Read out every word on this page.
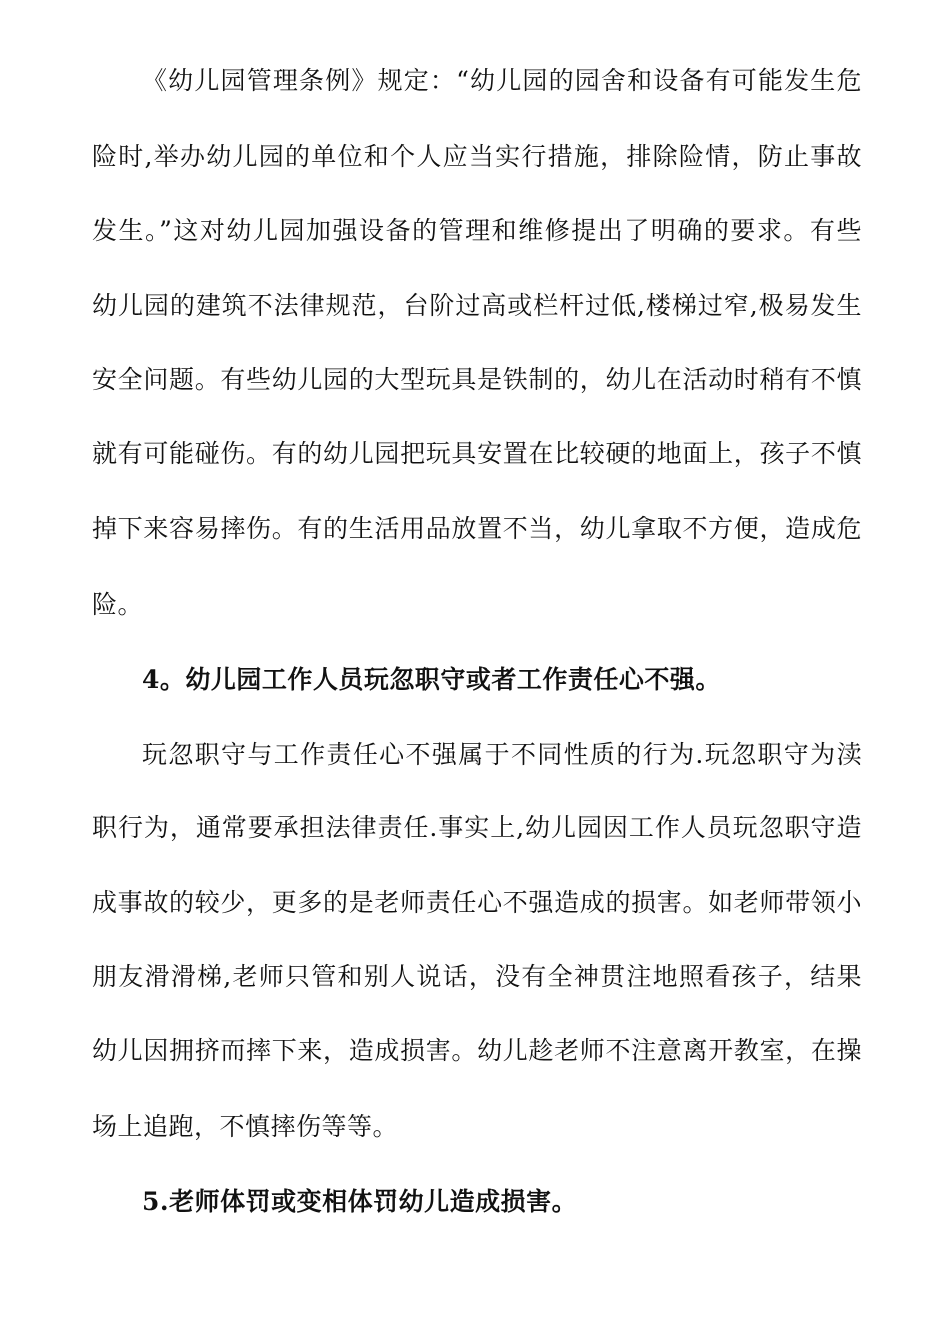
《幼儿园管理条例》规定：“幼儿园的园舍和设备有可能发生危
险时,举办幼儿园的单位和个人应当实行措施，排除险情，防止事故
发生。”这对幼儿园加强设备的管理和维修提出了明确的要求。有些
幼儿园的建筑不法律规范，台阶过高或栏杆过低,楼梯过窄,极易发生
安全问题。有些幼儿园的大型玩具是铁制的，幼儿在活动时稍有不慎
就有可能碰伤。有的幼儿园把玩具安置在比较硬的地面上，孩子不慎
掉下来容易摔伤。有的生活用品放置不当，幼儿拿取不方便，造成危
险。
4。幼儿园工作人员玩忽职守或者工作责任心不强。
玩忽职守与工作责任心不强属于不同性质的行为.玩忽职守为渎
职行为，通常要承担法律责任.事实上,幼儿园因工作人员玩忽职守造
成事故的较少，更多的是老师责任心不强造成的损害。如老师带领小
朋友滑滑梯,老师只管和别人说话，没有全神贯注地照看孩子，结果
幼儿因拥挤而摔下来，造成损害。幼儿趁老师不注意离开教室，在操
场上追跑，不慎摔伤等等。
5.老师体罚或变相体罚幼儿造成损害。
